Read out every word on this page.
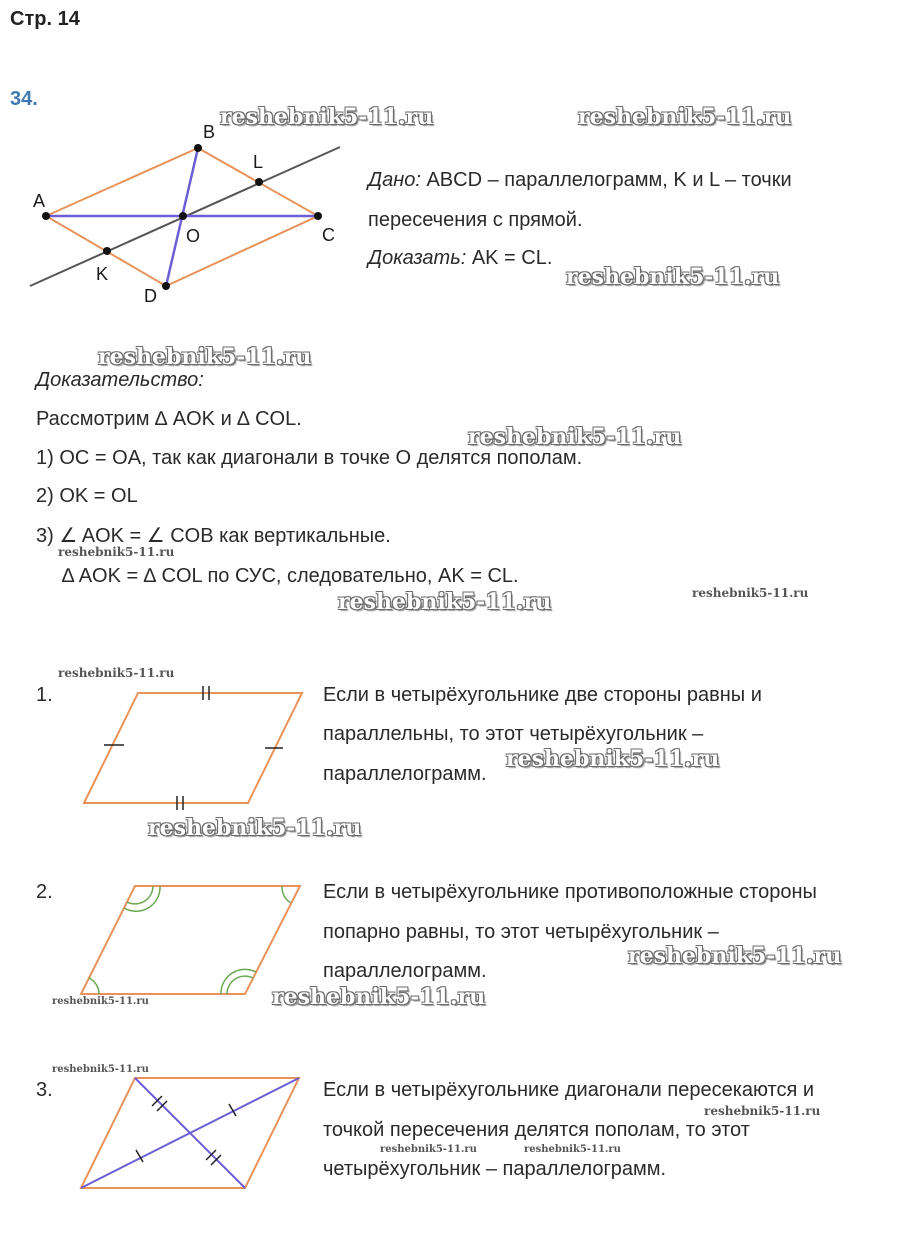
Стр. 14
34.
A
B
C
D
O
K
L
Дано: ABCD – параллелограмм, K и L – точки
пересечения с прямой.
Доказать: AK = CL.
Доказательство:
Рассмотрим ∆ AOK и ∆ COL.
1) OC = OA, так как диагонали в точке O делятся пополам.
2) OK = OL
3) ∠ AOK = ∠ COB как вертикальные.
∆ AOK = ∆ COL по СУС, следовательно, AK = CL.
1.	Если в четырёхугольнике две стороны равны и
параллельны, то этот четырёхугольник –
параллелограмм.
2.	Если в четырёхугольнике противоположные стороны
попарно равны, то этот четырёхугольник –
параллелограмм.
3.	Если в четырёхугольнике диагонали пересекаются и
точкой пересечения делятся пополам, то этот
четырёхугольник – параллелограмм.
reshebnik5-11.ru	reshebnik5-11.ru
reshebnik5-11.ru
reshebnik5-11.ru
reshebnik5-11.ru
reshebnik5-11.ru
reshebnik5-11.ru	reshebnik5-11.ru
reshebnik5-11.ru
reshebnik5-11.ru
reshebnik5-11.ru
reshebnik5-11.ru
reshebnik5-11.ru	reshebnik5-11.ru
reshebnik5-11.ru
reshebnik5-11.ru
reshebnik5-11.ru	reshebnik5-11.ru
